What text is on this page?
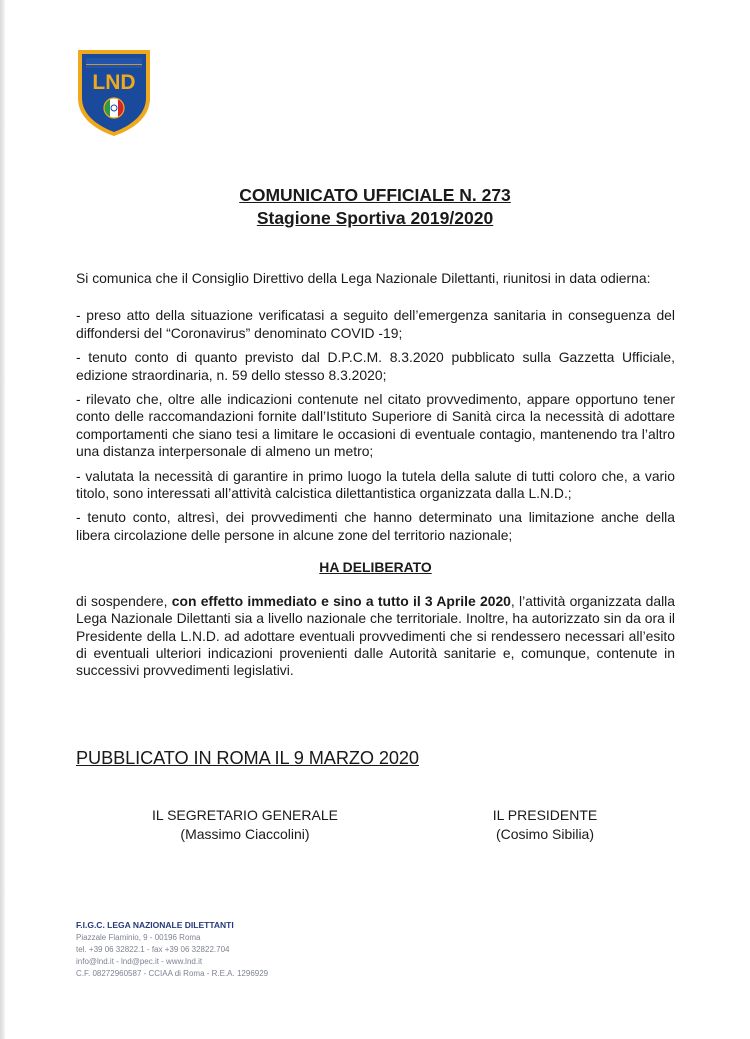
LND
COMUNICATO UFFICIALE N. 273
Stagione Sportiva 2019/2020

Si comunica che il Consiglio Direttivo della Lega Nazionale Dilettanti, riunitosi in data odierna:

- preso atto della situazione verificatasi a seguito dell’emergenza sanitaria in conseguenza del diffondersi del “Coronavirus” denominato COVID -19;

- tenuto conto di quanto previsto dal D.P.C.M. 8.3.2020 pubblicato sulla Gazzetta Ufficiale, edizione straordinaria, n. 59 dello stesso 8.3.2020;

- rilevato che, oltre alle indicazioni contenute nel citato provvedimento, appare opportuno tener conto delle raccomandazioni fornite dall’Istituto Superiore di Sanità circa la necessità di adottare comportamenti che siano tesi a limitare le occasioni di eventuale contagio, mantenendo tra l’altro una distanza interpersonale di almeno un metro;

- valutata la necessità di garantire in primo luogo la tutela della salute di tutti coloro che, a vario titolo, sono interessati all’attività calcistica dilettantistica organizzata dalla L.N.D.;

- tenuto conto, altresì, dei provvedimenti che hanno determinato una limitazione anche della libera circolazione delle persone in alcune zone del territorio nazionale;

HA DELIBERATO

di sospendere, con effetto immediato e sino a tutto il 3 Aprile 2020, l’attività organizzata dalla Lega Nazionale Dilettanti sia a livello nazionale che territoriale. Inoltre, ha autorizzato sin da ora il Presidente della L.N.D. ad adottare eventuali provvedimenti che si rendessero necessari all’esito di eventuali ulteriori indicazioni provenienti dalle Autorità sanitarie e, comunque, contenute in successivi provvedimenti legislativi.

PUBBLICATO IN ROMA IL 9 MARZO 2020
IL SEGRETARIO GENERALE
(Massimo Ciaccolini)
IL PRESIDENTE
(Cosimo Sibilia)
F.I.G.C. LEGA NAZIONALE DILETTANTI
Piazzale Flaminio, 9 - 00196 Roma
tel. +39 06 32822.1 - fax +39 06 32822.704
info@lnd.it - lnd@pec.it - www.lnd.it
C.F. 08272960587 - CCIAA di Roma - R.E.A. 1296929
